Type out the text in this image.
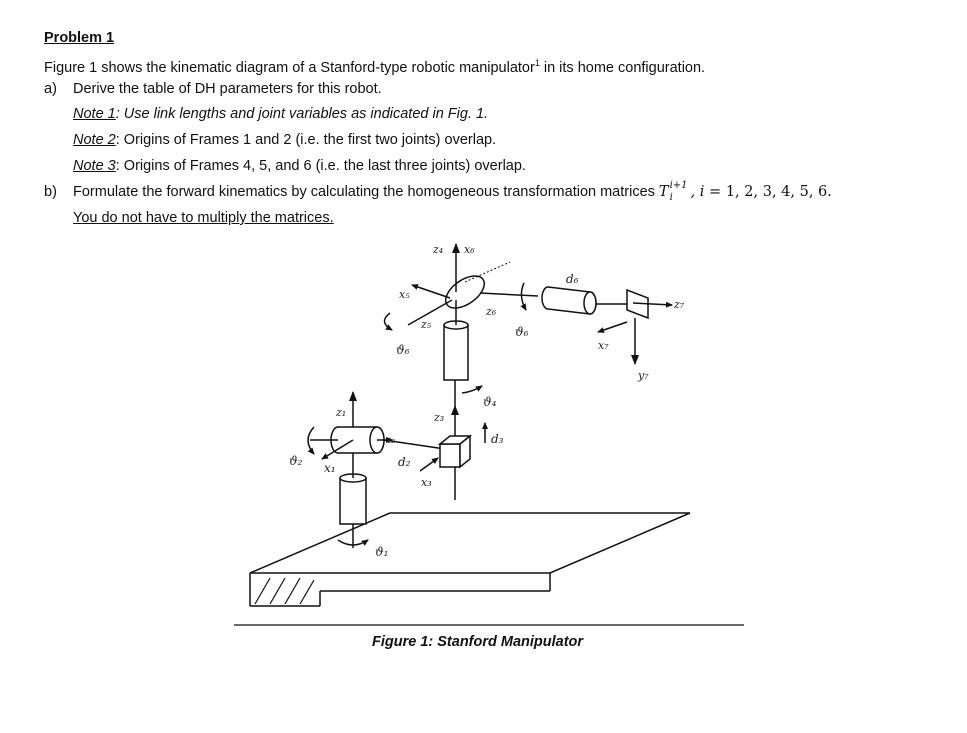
Problem 1
Figure 1 shows the kinematic diagram of a Stanford-type robotic manipulator$^1$ in its home configuration.
a) Derive the table of DH parameters for this robot.
Note 1: Use link lengths and joint variables as indicated in Fig. 1.
Note 2: Origins of Frames 1 and 2 (i.e. the first two joints) overlap.
Note 3: Origins of Frames 4, 5, and 6 (i.e. the last three joints) overlap.
b) Formulate the forward kinematics by calculating the homogeneous transformation matrices T i+1
i , i = 1, 2, 3, 4, 5, 6.
You do not have to multiply the matrices.
z₄ x₆
x₅
z₆
d₆
z₇
z₅
ϑ₆
ϑ₆
x₇
y₇
ϑ₄
z₁	z₃
d₃
ϑ₂ x₁
z₂
d₂
x₃
ϑ₁
Figure 1: Stanford Manipulator
